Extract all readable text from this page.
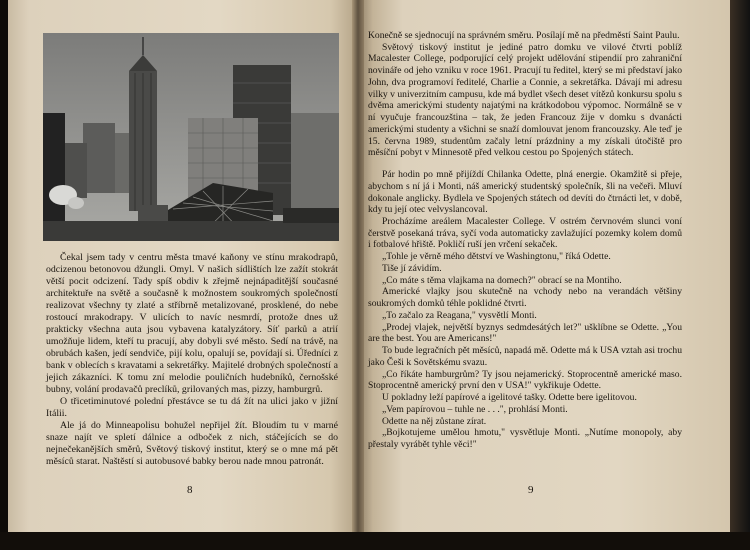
Čekal jsem tady v centru města tmavé kaňony ve stínu mrakodrapů, odcizenou betonovou džungli. Omyl. V našich sídlištích lze zažít stokrát větší pocit odcizení. Tady spíš obdiv k zřejmě nejnápaditější současné architektuře na světě a současně k možnostem soukromých společností realizovat všechny ty zlaté a stříbrně metalizované, prosklené, do nebe rostoucí mrakodrapy. V ulicích to navíc nesmrdí, protože dnes už prakticky všechna auta jsou vybavena katalyzátory. Síť parků a atrií umožňuje lidem, kteří tu pracují, aby dobyli své město. Sedí na trávě, na obrubách kašen, jedí sendviče, pijí kolu, opalují se, povídají si. Úředníci z bank v oblecích s kravatami a sekretářky. Majitelé drobných společností a jejich zákazníci. K tomu zní melodie pouličních hudebníků, černošské bubny, volání prodavačů preclíků, grilovaných mas, pizzy, hamburgrů.

O třicetiminutové polední přestávce se tu dá žít na ulici jako v jižní Itálii.

Ale já do Minneapolisu bohužel nepřijel žít. Bloudím tu v marné snaze najít ve spletí dálnice a odboček z nich, stáčejících se do nejnečekanějších směrů, Světový tiskový institut, který se o mne má pět měsíců starat. Naštěstí si autobusové babky berou nade mnou patronát.

8

Konečně se sjednocují na správném směru. Posílají mě na předměstí Saint Paulu.

Světový tiskový institut je jediné patro domku ve vilové čtvrti poblíž Macalester College, podporující celý projekt udělování stipendií pro zahraniční novináře od jeho vzniku v roce 1961. Pracují tu ředitel, který se mi představí jako John, dva programoví ředitelé, Charlie a Connie, a sekretářka. Dávají mi adresu vilky v univerzitním campusu, kde má bydlet všech deset vítězů konkursu spolu s dvěma americkými studenty najatými na krátkodobou výpomoc. Normálně se v ní vyučuje francouzština – tak, že jeden Francouz žije v domku s dvanácti americkými studenty a všichni se snaží domlouvat jenom francouzsky. Ale teď je 15. června 1989, studentům začaly letní prázdniny a my získali útočiště pro měsíční pobyt v Minnesotě před velkou cestou po Spojených státech.

Pár hodin po mně přijíždí Chilanka Odette, plná energie. Okamžitě si přeje, abychom s ní já i Monti, náš americký studentský společník, šli na večeři. Mluví dokonale anglicky. Bydlela ve Spojených státech od devíti do čtrnácti let, v době, kdy tu její otec velvyslancoval.

Procházíme areálem Macalester College. V ostrém červnovém slunci voní čerstvě posekaná tráva, syčí voda automaticky zavlažující pozemky kolem domů i fotbalové hřiště. Pokličí ruší jen vrčení sekaček.

„Tohle je věrně mého dětství ve Washingtonu," říká Odette.

Tiše jí závidím.

„Co máte s těma vlajkama na domech?" obrací se na Montiho.

Americké vlajky jsou skutečně na vchody nebo na verandách většiny soukromých domků téhle poklidné čtvrti.

„To začalo za Reagana," vysvětlí Monti.

„Prodej vlajek, největší byznys sedmdesátých let?" ušklíbne se Odette. „You are the best. You are Americans!"

To bude legračních pět měsíců, napadá mě. Odette má k USA vztah asi trochu jako Češi k Sovětskému svazu.

„Co říkáte hamburgrům? Ty jsou nejamerický. Stoprocentně americké maso. Stoprocentně americký první den v USA!" vykřikuje Odette.

U pokladny leží papírové a igelitové tašky. Odette bere igelitovou.

„Vem papírovou – tuhle ne . . .", prohlásí Monti.

Odette na něj zůstane zírat.

„Bojkotujeme umělou hmotu," vysvětluje Monti. „Nutíme monopoly, aby přestaly vyrábět tyhle věci!"

9
